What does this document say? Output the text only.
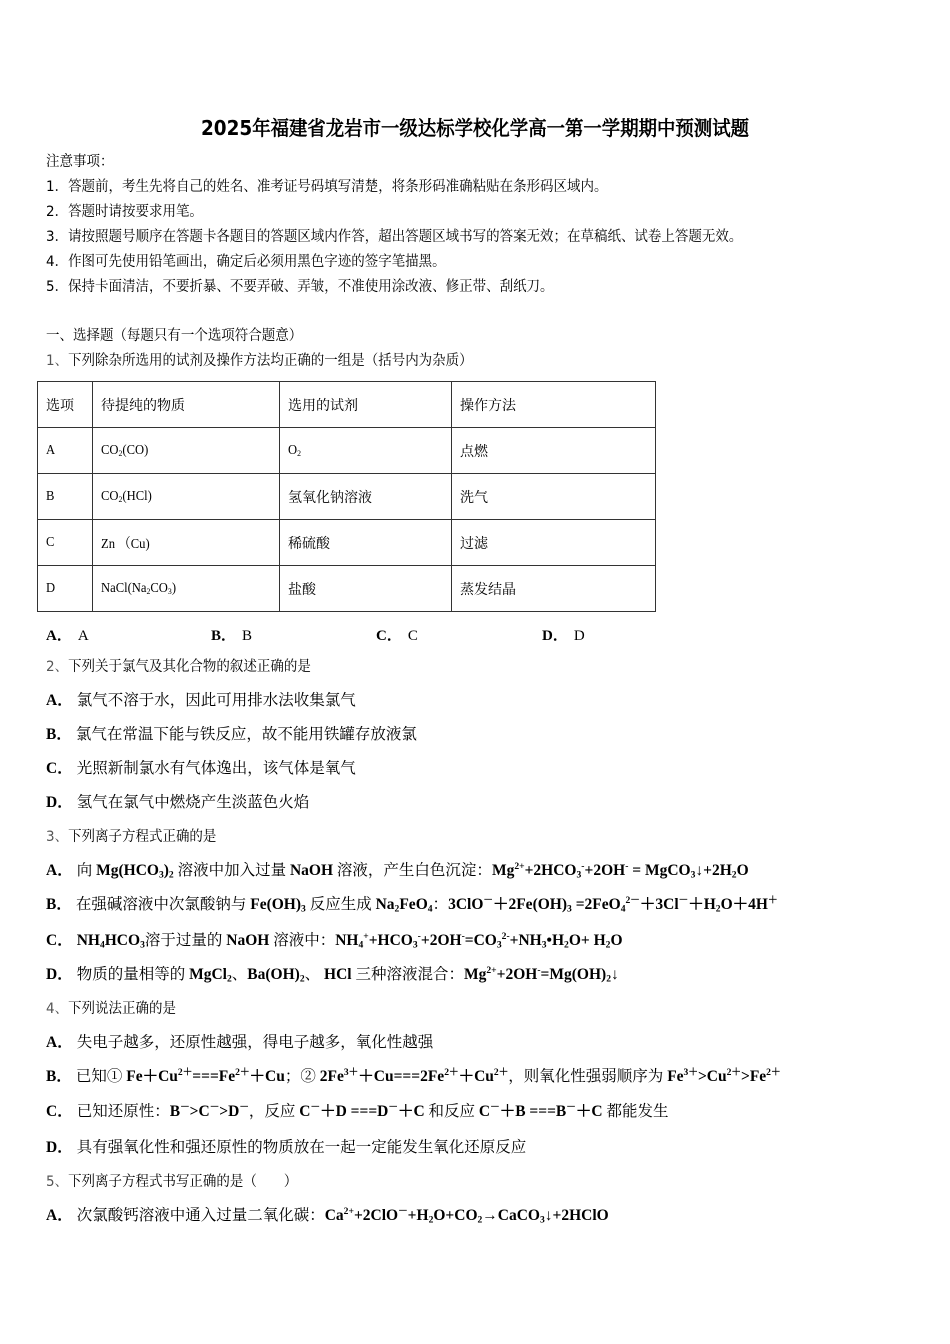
2025年福建省龙岩市一级达标学校化学高一第一学期期中预测试题
注意事项：
1．答题前，考生先将自己的姓名、准考证号码填写清楚，将条形码准确粘贴在条形码区域内。
2．答题时请按要求用笔。
3．请按照题号顺序在答题卡各题目的答题区域内作答，超出答题区域书写的答案无效；在草稿纸、试卷上答题无效。
4．作图可先使用铅笔画出，确定后必须用黑色字迹的签字笔描黑。
5．保持卡面清洁，不要折暴、不要弄破、弄皱，不准使用涂改液、修正带、刮纸刀。
一、选择题（每题只有一个选项符合题意）
1、下列除杂所选用的试剂及操作方法均正确的一组是（括号内为杂质）
选项	待提纯的物质	选用的试剂	操作方法
A	$CO_2(CO)$	$O_2$	点燃
B	$CO_2(HCl)$	氢氧化钠溶液	洗气
C	Zn （Cu)	稀硫酸	过滤
D	$NaCl(Na_2CO_3)$	盐酸	蒸发结晶
A． A	B． B	C． C	D． D
2、下列关于氯气及其化合物的叙述正确的是
A． 氯气不溶于水，因此可用排水法收集氯气
B． 氯气在常温下能与铁反应，故不能用铁罐存放液氯
C． 光照新制氯水有气体逸出，该气体是氧气
D． 氢气在氯气中燃烧产生淡蓝色火焰
3、下列离子方程式正确的是
A． 向 $Mg(HCO_3)_2$ 溶液中加入过量 NaOH 溶液，产生白色沉淀：$Mg^{2+}+2HCO_3^-+2OH^-$ = $MgCO_3↓+2H_2O$
B． 在强碱溶液中次氯酸钠与 $Fe(OH)_3$ 反应生成 $Na_2FeO_4$：$3ClO^-+2Fe(OH)_3 =2FeO_4^{2-}+3Cl^-+H_2O+4H^+$
C． $NH_4HCO_3$溶于过量的 NaOH 溶液中：$NH_4^++HCO_3^-+2OH^-=CO_3^{2-}+NH_3•H_2O+ H_2O$
D． 物质的量相等的 MgCl$_2$、$Ba(OH)_2$、 HCl 三种溶液混合：$Mg^{2+}+2OH^-=Mg(OH)_2↓$
4、下列说法正确的是
A． 失电子越多，还原性越强，得电子越多，氧化性越强
B． 已知① $Fe+Cu^{2+}===Fe^{2+}+Cu$；② $2Fe^{3+}+Cu===2Fe^{2+}+Cu^{2+}$，则氧化性强弱顺序为 $Fe^{3+}>Cu^{2+}>Fe^{2+}$
C． 已知还原性：B－>C－>D－，反应 C－＋D ===D－＋C 和反应 C－＋B ===B－＋C 都能发生
D． 具有强氧化性和强还原性的物质放在一起一定能发生氧化还原反应
5、下列离子方程式书写正确的是（　　）
A． 次氯酸钙溶液中通入过量二氧化碳：$Ca^{2+}+2ClO^-+H_2O+CO_2\to CaCO_3↓+2HClO$
